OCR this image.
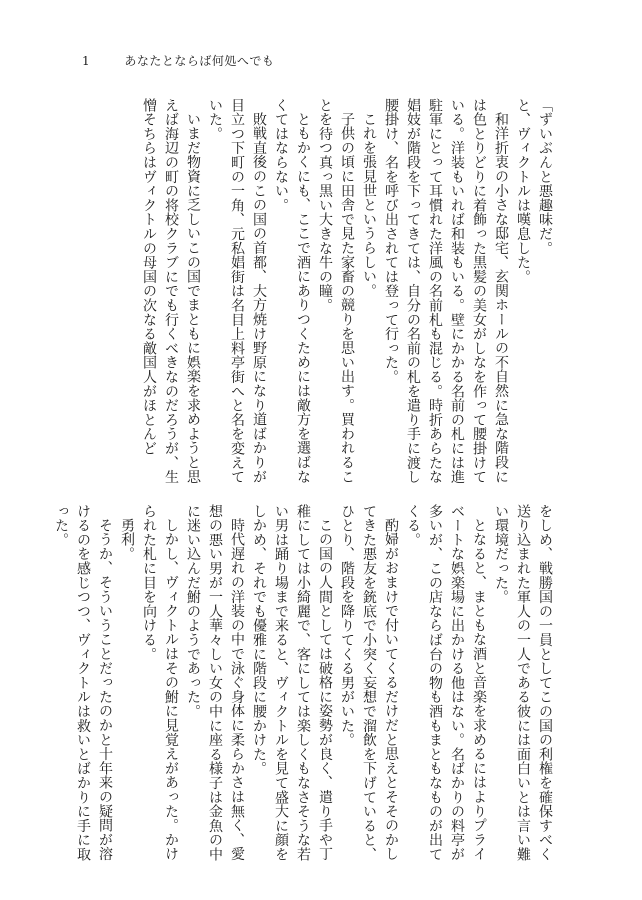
1	あなたとならば何処へでも

「ずいぶんと悪趣味だ。

と、ヴィクトルは嘆息した。

和洋折衷の小さな邸宅、玄関ホールの不自然に急な階段には色とりどりに着飾った黒髪の美女がしなを作って腰掛けている。洋装もいれば和装もいる。壁にかかる名前の札には進駐軍にとって耳慣れた洋風の名前札も混じる。時折あらたな娼妓が階段を下ってきては、自分の名前の札を遣り手に渡し腰掛け、名を呼び出されては登って行った。

これを張見世というらしい。

子供の頃に田舎で見た家畜の競りを思い出す。買われることを待つ真っ黒い大きな牛の瞳。

ともかくにも、ここで酒にありつくためには敵方を選ばなくてはならない。

敗戦直後のこの国の首都、大方焼け野原になり道ばかりが目立つ下町の一角、元私娼街は名目上料亭街へと名を変えていた。

いまだ物資に乏しいこの国でまともに娯楽を求めようと思えば海辺の町の将校クラブにでも行くべきなのだろうが、生憎そちらはヴィクトルの母国の次なる敵国人がほとんど

をしめ、戦勝国の一員としてこの国の利権を確保すべく送り込まれた軍人の一人である彼には面白いとは言い難い環境だった。

となると、まともな酒と音楽を求めるにはよりプライベートな娯楽場に出かける他はない。名ばかりの料亭が多いが、この店ならば台の物も酒もまともなものが出てくる。

酌婦がおまけで付いてくるだけだと思えとそそのかしてきた悪友を銃底で小突く妄想で溜飲を下げていると、ひとり、階段を降りてくる男がいた。

この国の人間としては破格に姿勢が良く、遣り手や丁稚にしては小綺麗で、客にしては楽しくもなさそうな若い男は踊り場まで来ると、ヴィクトルを見て盛大に顔をしかめ、それでも優雅に階段に腰かけた。

時代遅れの洋装の中で泳ぐ身体に柔らかさは無く、愛想の悪い男が一人華々しい女の中に座る様子は金魚の中に迷い込んだ鮒のようであった。

しかし、ヴィクトルはその鮒に見覚えがあった。かけられた札に目を向ける。

勇利。

そうか、そういうことだったのかと十年来の疑問が溶けるのを感じつつ、ヴィクトルは救いとばかりに手に取った。
